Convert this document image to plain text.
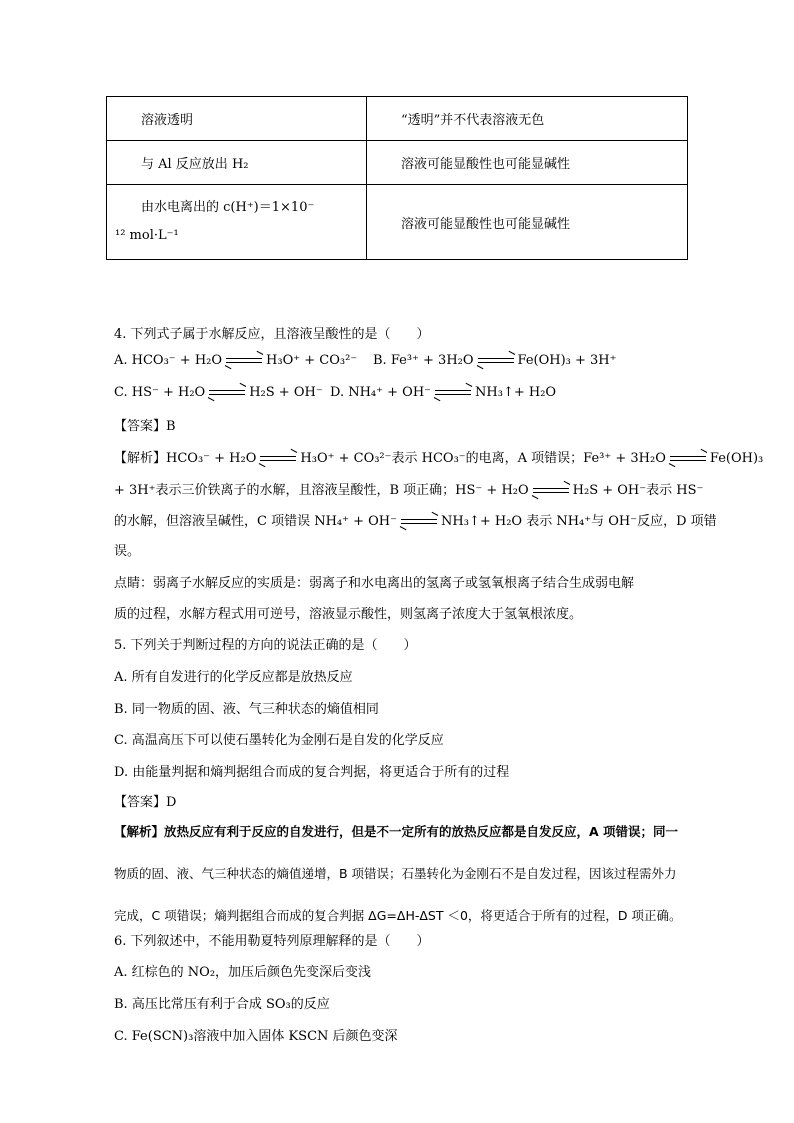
溶液透明	“透明”并不代表溶液无色
与 Al 反应放出 H₂	溶液可能显酸性也可能显碱性

由水电离出的 c(H⁺)＝1×10⁻
¹² mol·L⁻¹	溶液可能显酸性也可能显碱性
4. 下列式子属于水解反应，且溶液呈酸性的是（　　）
A. HCO₃⁻ + H₂O	H₃O⁺ + CO₃²⁻ B. Fe³⁺ + 3H₂O	Fe(OH)₃ + 3H⁺
C. HS⁻ + H₂O	H₂S + OH⁻ D. NH₄⁺ + OH⁻	NH₃↑+ H₂O
【答案】B
【解析】HCO₃⁻ + H₂O	H₃O⁺ + CO₃²⁻表示 HCO₃⁻的电离，A 项错误；Fe³⁺ + 3H₂O	Fe(OH)₃
+ 3H⁺表示三价铁离子的水解，且溶液呈酸性，B 项正确；HS⁻ + H₂O	H₂S + OH⁻表示 HS⁻
的水解，但溶液呈碱性，C 项错误 NH₄⁺ + OH⁻	NH₃↑+ H₂O 表示 NH₄⁺与 OH⁻反应，D 项错
误。
点睛：弱离子水解反应的实质是：弱离子和水电离出的氢离子或氢氧根离子结合生成弱电解
质的过程，水解方程式用可逆号，溶液显示酸性，则氢离子浓度大于氢氧根浓度。
5. 下列关于判断过程的方向的说法正确的是（　　）
A. 所有自发进行的化学反应都是放热反应
B. 同一物质的固、液、气三种状态的熵值相同
C. 高温高压下可以使石墨转化为金刚石是自发的化学反应
D. 由能量判据和熵判据组合而成的复合判据，将更适合于所有的过程
【答案】D
【解析】放热反应有利于反应的自发进行，但是不一定所有的放热反应都是自发反应，A 项错误；同一
物质的固、液、气三种状态的熵值递增，B 项错误；石墨转化为金刚石不是自发过程，因该过程需外力
完成，C 项错误；熵判据组合而成的复合判据 ΔG=ΔH-ΔST ＜0，将更适合于所有的过程，D 项正确。
6. 下列叙述中，不能用勒夏特列原理解释的是（　　）
A. 红棕色的 NO₂，加压后颜色先变深后变浅
B. 高压比常压有利于合成 SO₃的反应
C. Fe(SCN)₃溶液中加入固体 KSCN 后颜色变深
